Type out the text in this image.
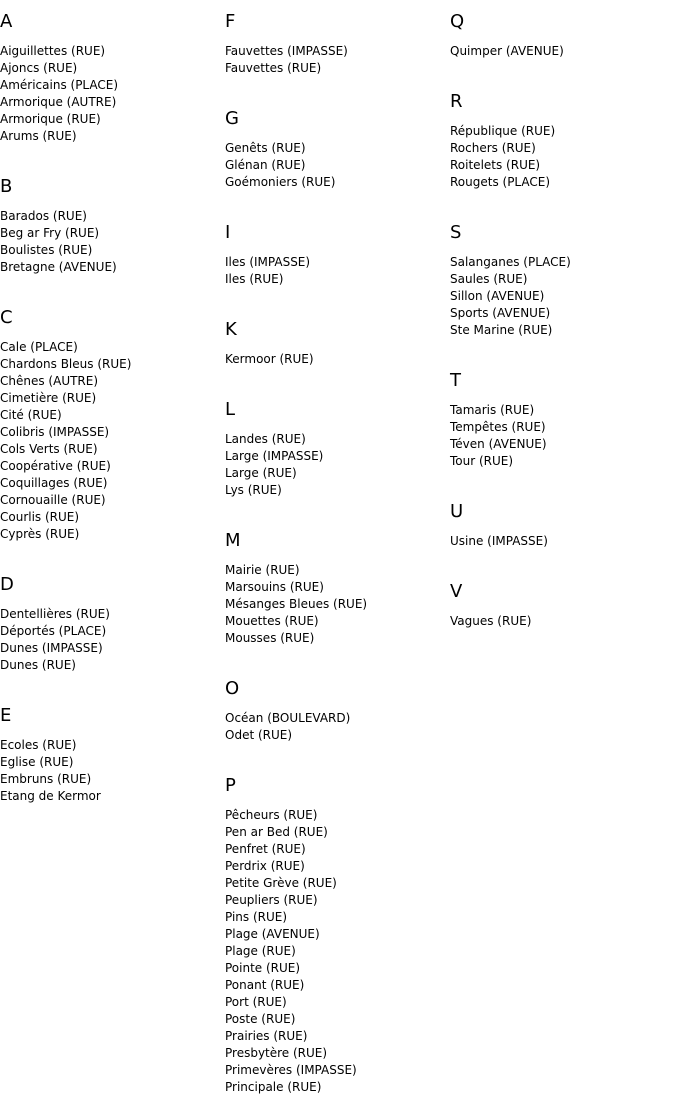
A
Aiguillettes (RUE)
Ajoncs (RUE)
Américains (PLACE)
Armorique (AUTRE)
Armorique (RUE)
Arums (RUE)
B
Barados (RUE)
Beg ar Fry (RUE)
Boulistes (RUE)
Bretagne (AVENUE)
C
Cale (PLACE)
Chardons Bleus (RUE)
Chênes (AUTRE)
Cimetière (RUE)
Cité (RUE)
Colibris (IMPASSE)
Cols Verts (RUE)
Coopérative (RUE)
Coquillages (RUE)
Cornouaille (RUE)
Courlis (RUE)
Cyprès (RUE)
D
Dentellières (RUE)
Déportés (PLACE)
Dunes (IMPASSE)
Dunes (RUE)
E
Ecoles (RUE)
Eglise (RUE)
Embruns (RUE)
Etang de Kermor
F
Fauvettes (IMPASSE)
Fauvettes (RUE)
G
Genêts (RUE)
Glénan (RUE)
Goémoniers (RUE)
I
Iles (IMPASSE)
Iles (RUE)
K
Kermoor (RUE)
L
Landes (RUE)
Large (IMPASSE)
Large (RUE)
Lys (RUE)
M
Mairie (RUE)
Marsouins (RUE)
Mésanges Bleues (RUE)
Mouettes (RUE)
Mousses (RUE)
O
Océan (BOULEVARD)
Odet (RUE)
P
Pêcheurs (RUE)
Pen ar Bed (RUE)
Penfret (RUE)
Perdrix (RUE)
Petite Grève (RUE)
Peupliers (RUE)
Pins (RUE)
Plage (AVENUE)
Plage (RUE)
Pointe (RUE)
Ponant (RUE)
Port (RUE)
Poste (RUE)
Prairies (RUE)
Presbytère (RUE)
Primevères (IMPASSE)
Principale (RUE)
Q
Quimper (AVENUE)
R
République (RUE)
Rochers (RUE)
Roitelets (RUE)
Rougets (PLACE)
S
Salanganes (PLACE)
Saules (RUE)
Sillon (AVENUE)
Sports (AVENUE)
Ste Marine (RUE)
T
Tamaris (RUE)
Tempêtes (RUE)
Téven (AVENUE)
Tour (RUE)
U
Usine (IMPASSE)
V
Vagues (RUE)
